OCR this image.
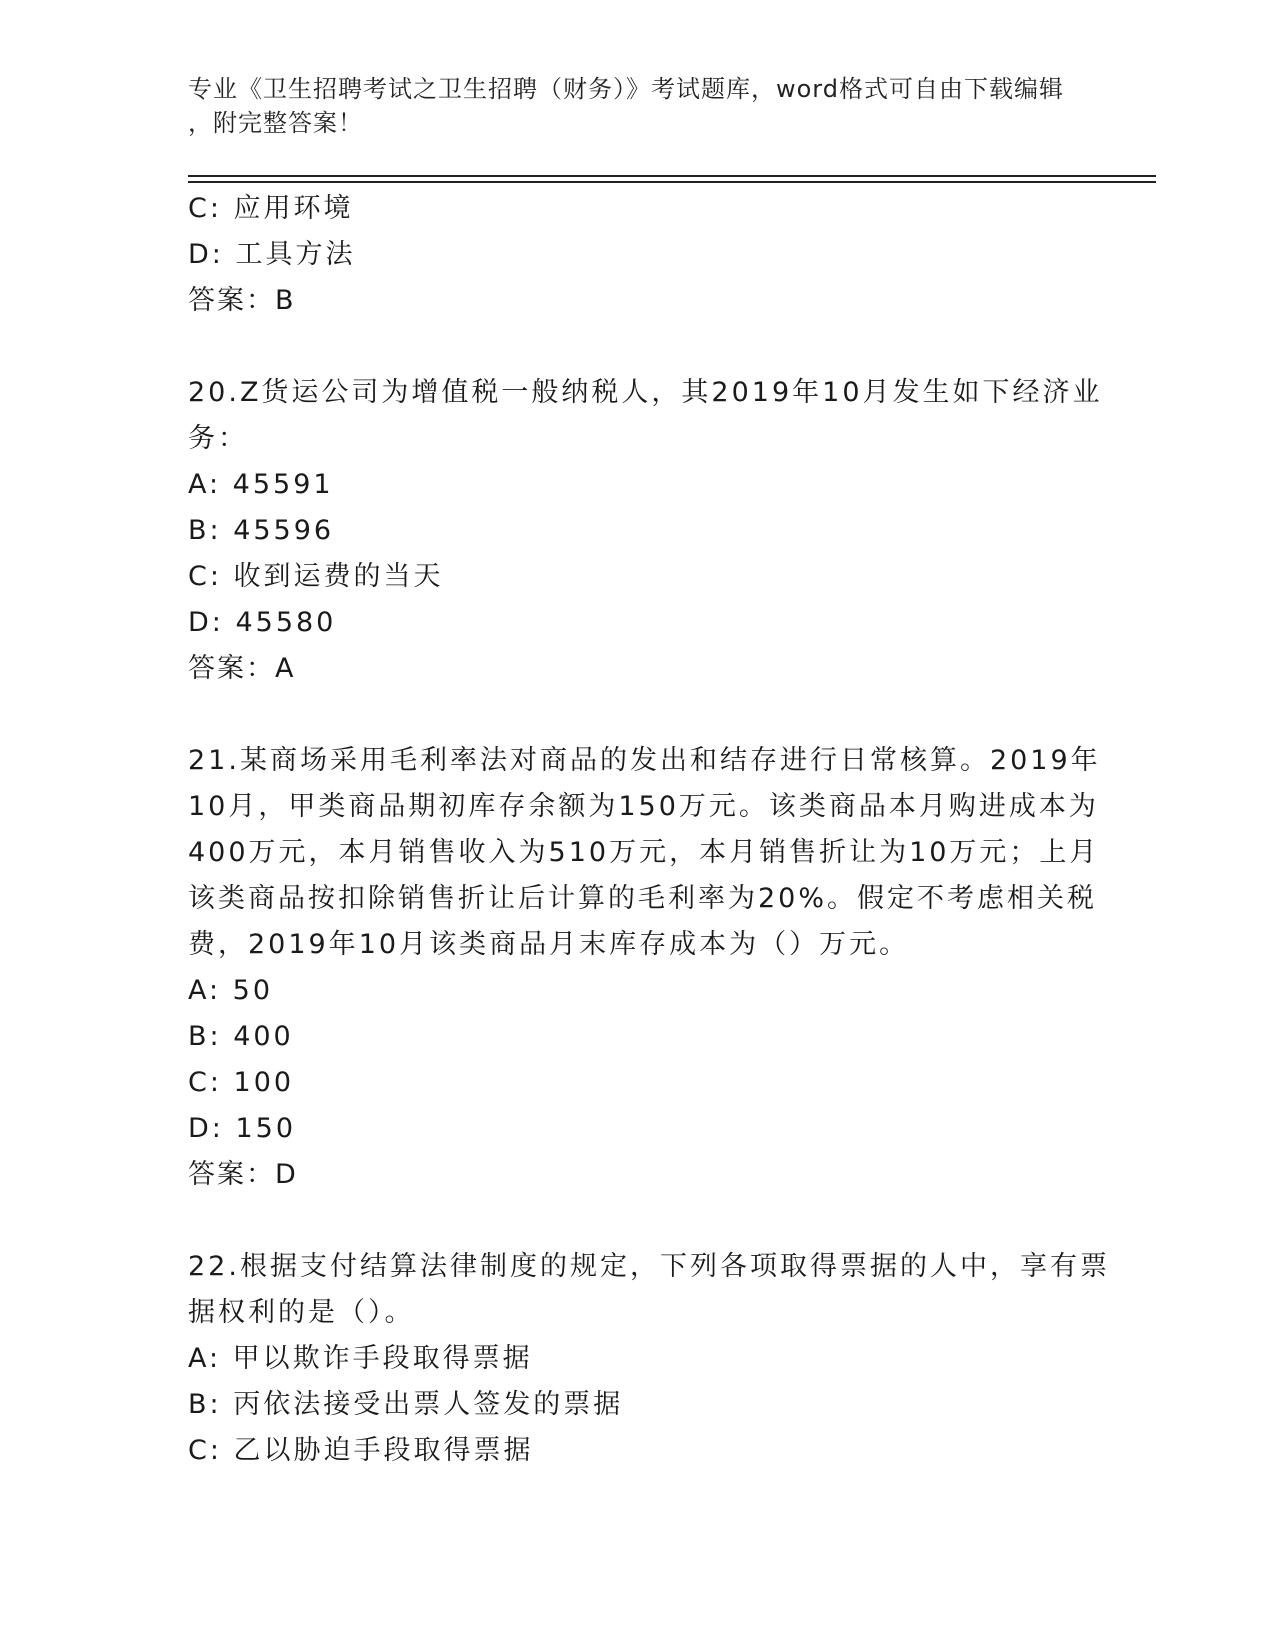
专业《卫生招聘考试之卫生招聘（财务）》考试题库，word格式可自由下载编辑
，附完整答案！
C: 应用环境
D: 工具方法
答案：B
20.Z货运公司为增值税一般纳税人，其2019年10月发生如下经济业
务：
A: 45591
B: 45596
C: 收到运费的当天
D: 45580
答案：A
21.某商场采用毛利率法对商品的发出和结存进行日常核算。2019年
10月，甲类商品期初库存余额为150万元。该类商品本月购进成本为
400万元，本月销售收入为510万元，本月销售折让为10万元；上月
该类商品按扣除销售折让后计算的毛利率为20%。假定不考虑相关税
费，2019年10月该类商品月末库存成本为（）万元。
A: 50
B: 400
C: 100
D: 150
答案：D
22.根据支付结算法律制度的规定，下列各项取得票据的人中，享有票
据权利的是（）。
A: 甲以欺诈手段取得票据
B: 丙依法接受出票人签发的票据
C: 乙以胁迫手段取得票据
